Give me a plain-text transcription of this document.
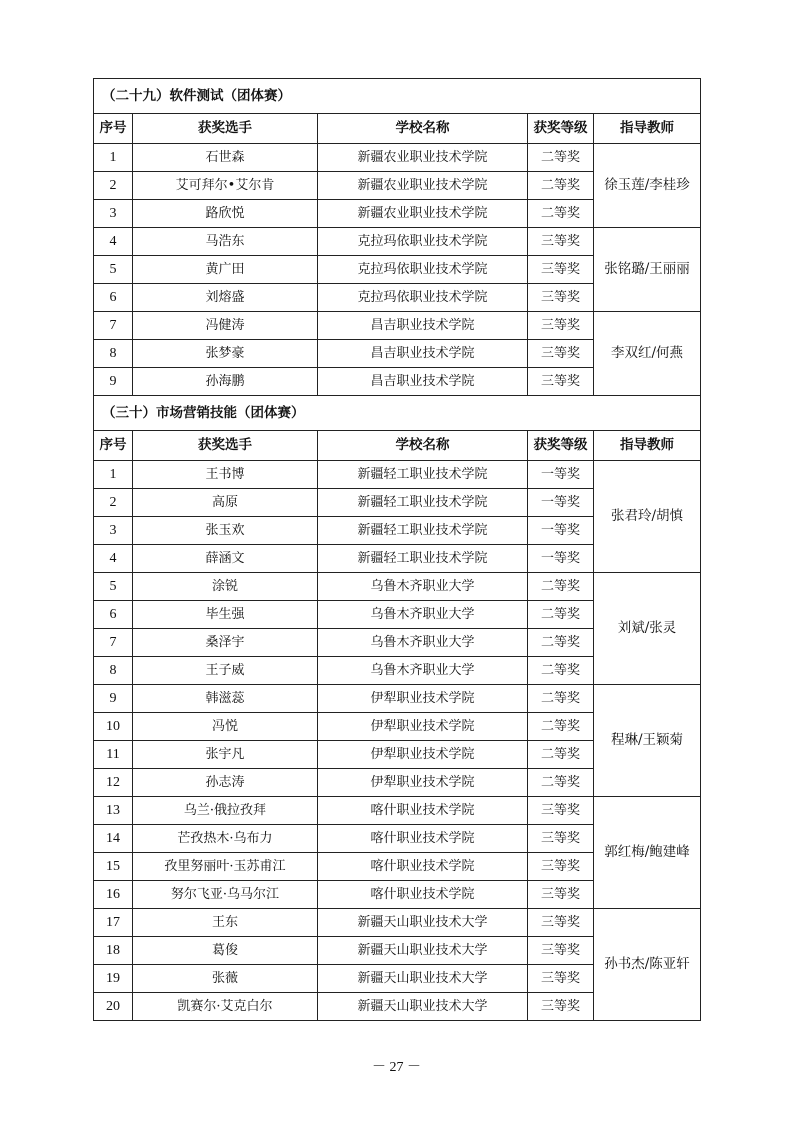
（二十九）软件测试（团体赛）				
序号	获奖选手	学校名称	获奖等级	指导教师
1	石世森	新疆农业职业技术学院	二等奖	徐玉莲/李桂珍
2	艾可拜尔•艾尔肯	新疆农业职业技术学院	二等奖	
3	路欣悦	新疆农业职业技术学院	二等奖	
4	马浩东	克拉玛依职业技术学院	三等奖	张铭璐/王丽丽
5	黄广田	克拉玛依职业技术学院	三等奖	
6	刘熔盛	克拉玛依职业技术学院	三等奖	
7	冯健涛	昌吉职业技术学院	三等奖	李双红/何燕
8	张梦豪	昌吉职业技术学院	三等奖	
9	孙海鹏	昌吉职业技术学院	三等奖	
（三十）市场营销技能（团体赛）				
序号	获奖选手	学校名称	获奖等级	指导教师
1	王书博	新疆轻工职业技术学院	一等奖	张君玲/胡慎
2	高原	新疆轻工职业技术学院	一等奖	
3	张玉欢	新疆轻工职业技术学院	一等奖	
4	薛涵文	新疆轻工职业技术学院	一等奖	
5	涂锐	乌鲁木齐职业大学	二等奖	刘斌/张灵
6	毕生强	乌鲁木齐职业大学	二等奖	
7	桑泽宇	乌鲁木齐职业大学	二等奖	
8	王子威	乌鲁木齐职业大学	二等奖	
9	韩滋蕊	伊犁职业技术学院	二等奖	程琳/王颖菊
10	冯悦	伊犁职业技术学院	二等奖	
11	张宇凡	伊犁职业技术学院	二等奖	
12	孙志涛	伊犁职业技术学院	二等奖	
13	乌兰·俄拉孜拜	喀什职业技术学院	三等奖	郭红梅/鲍建峰
14	芒孜热木·乌布力	喀什职业技术学院	三等奖	
15	孜里努丽叶·玉苏甫江	喀什职业技术学院	三等奖	
16	努尔飞亚·乌马尔江	喀什职业技术学院	三等奖	
17	王东	新疆天山职业技术大学	三等奖	孙书杰/陈亚轩
18	葛俊	新疆天山职业技术大学	三等奖	
19	张薇	新疆天山职业技术大学	三等奖	
20	凯赛尔·艾克白尔	新疆天山职业技术大学	三等奖	
－ 27 －
